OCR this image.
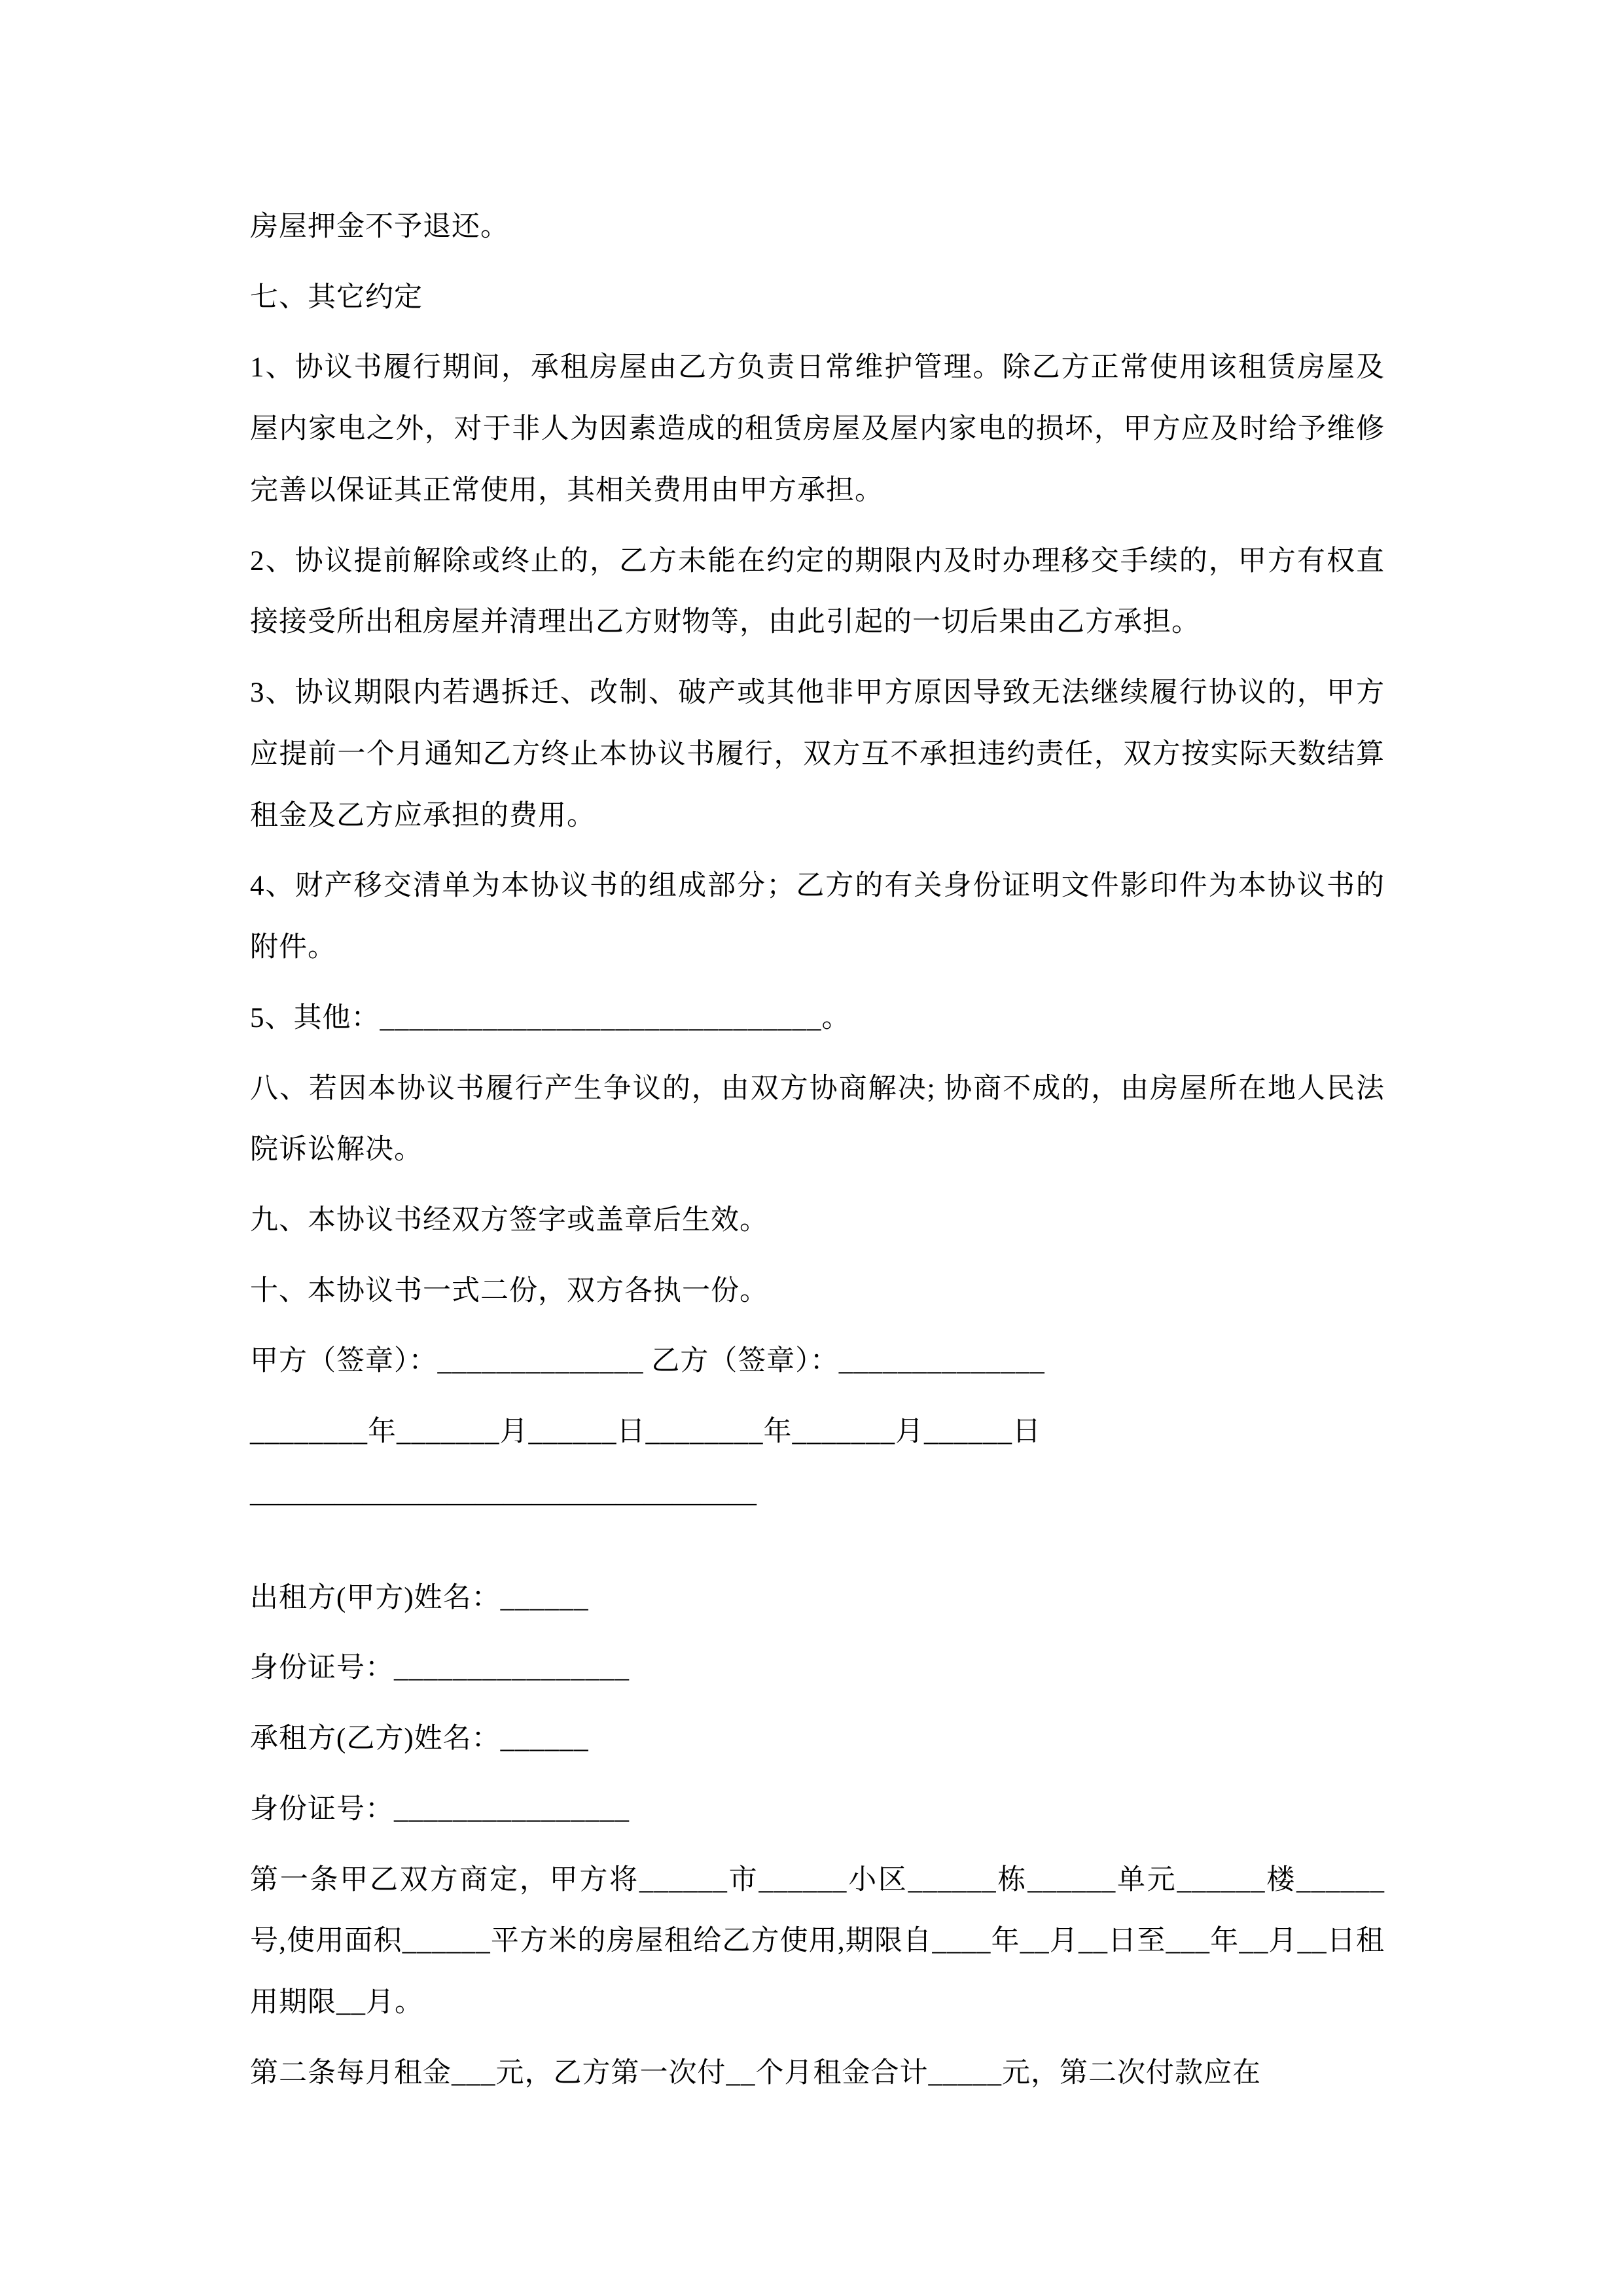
房屋押金不予退还。

七、其它约定

1、协议书履行期间，承租房屋由乙方负责日常维护管理。除乙方正常使用该租赁房屋及屋内家电之外，对于非人为因素造成的租赁房屋及屋内家电的损坏，甲方应及时给予维修完善以保证其正常使用，其相关费用由甲方承担。

2、协议提前解除或终止的，乙方未能在约定的期限内及时办理移交手续的，甲方有权直接接受所出租房屋并清理出乙方财物等，由此引起的一切后果由乙方承担。

3、协议期限内若遇拆迁、改制、破产或其他非甲方原因导致无法继续履行协议的，甲方应提前一个月通知乙方终止本协议书履行，双方互不承担违约责任，双方按实际天数结算租金及乙方应承担的费用。

4、财产移交清单为本协议书的组成部分；乙方的有关身份证明文件影印件为本协议书的附件。

5、其他：______________________________。

八、若因本协议书履行产生争议的，由双方协商解决; 协商不成的，由房屋所在地人民法院诉讼解决。

九、本协议书经双方签字或盖章后生效。

十、本协议书一式二份，双方各执一份。

甲方（签章）：______________ 乙方（签章）：______________

________年_______月______日________年_______月______日

——————————————————

出租方(甲方)姓名：______

身份证号：________________

承租方(乙方)姓名：______

身份证号：________________

第一条甲乙双方商定，甲方将______市______小区______栋______单元______楼______号,使用面积______平方米的房屋租给乙方使用,期限自____年__月__日至___年__月__日租用期限__月。

第二条每月租金___元，乙方第一次付__个月租金合计_____元，第二次付款应在
